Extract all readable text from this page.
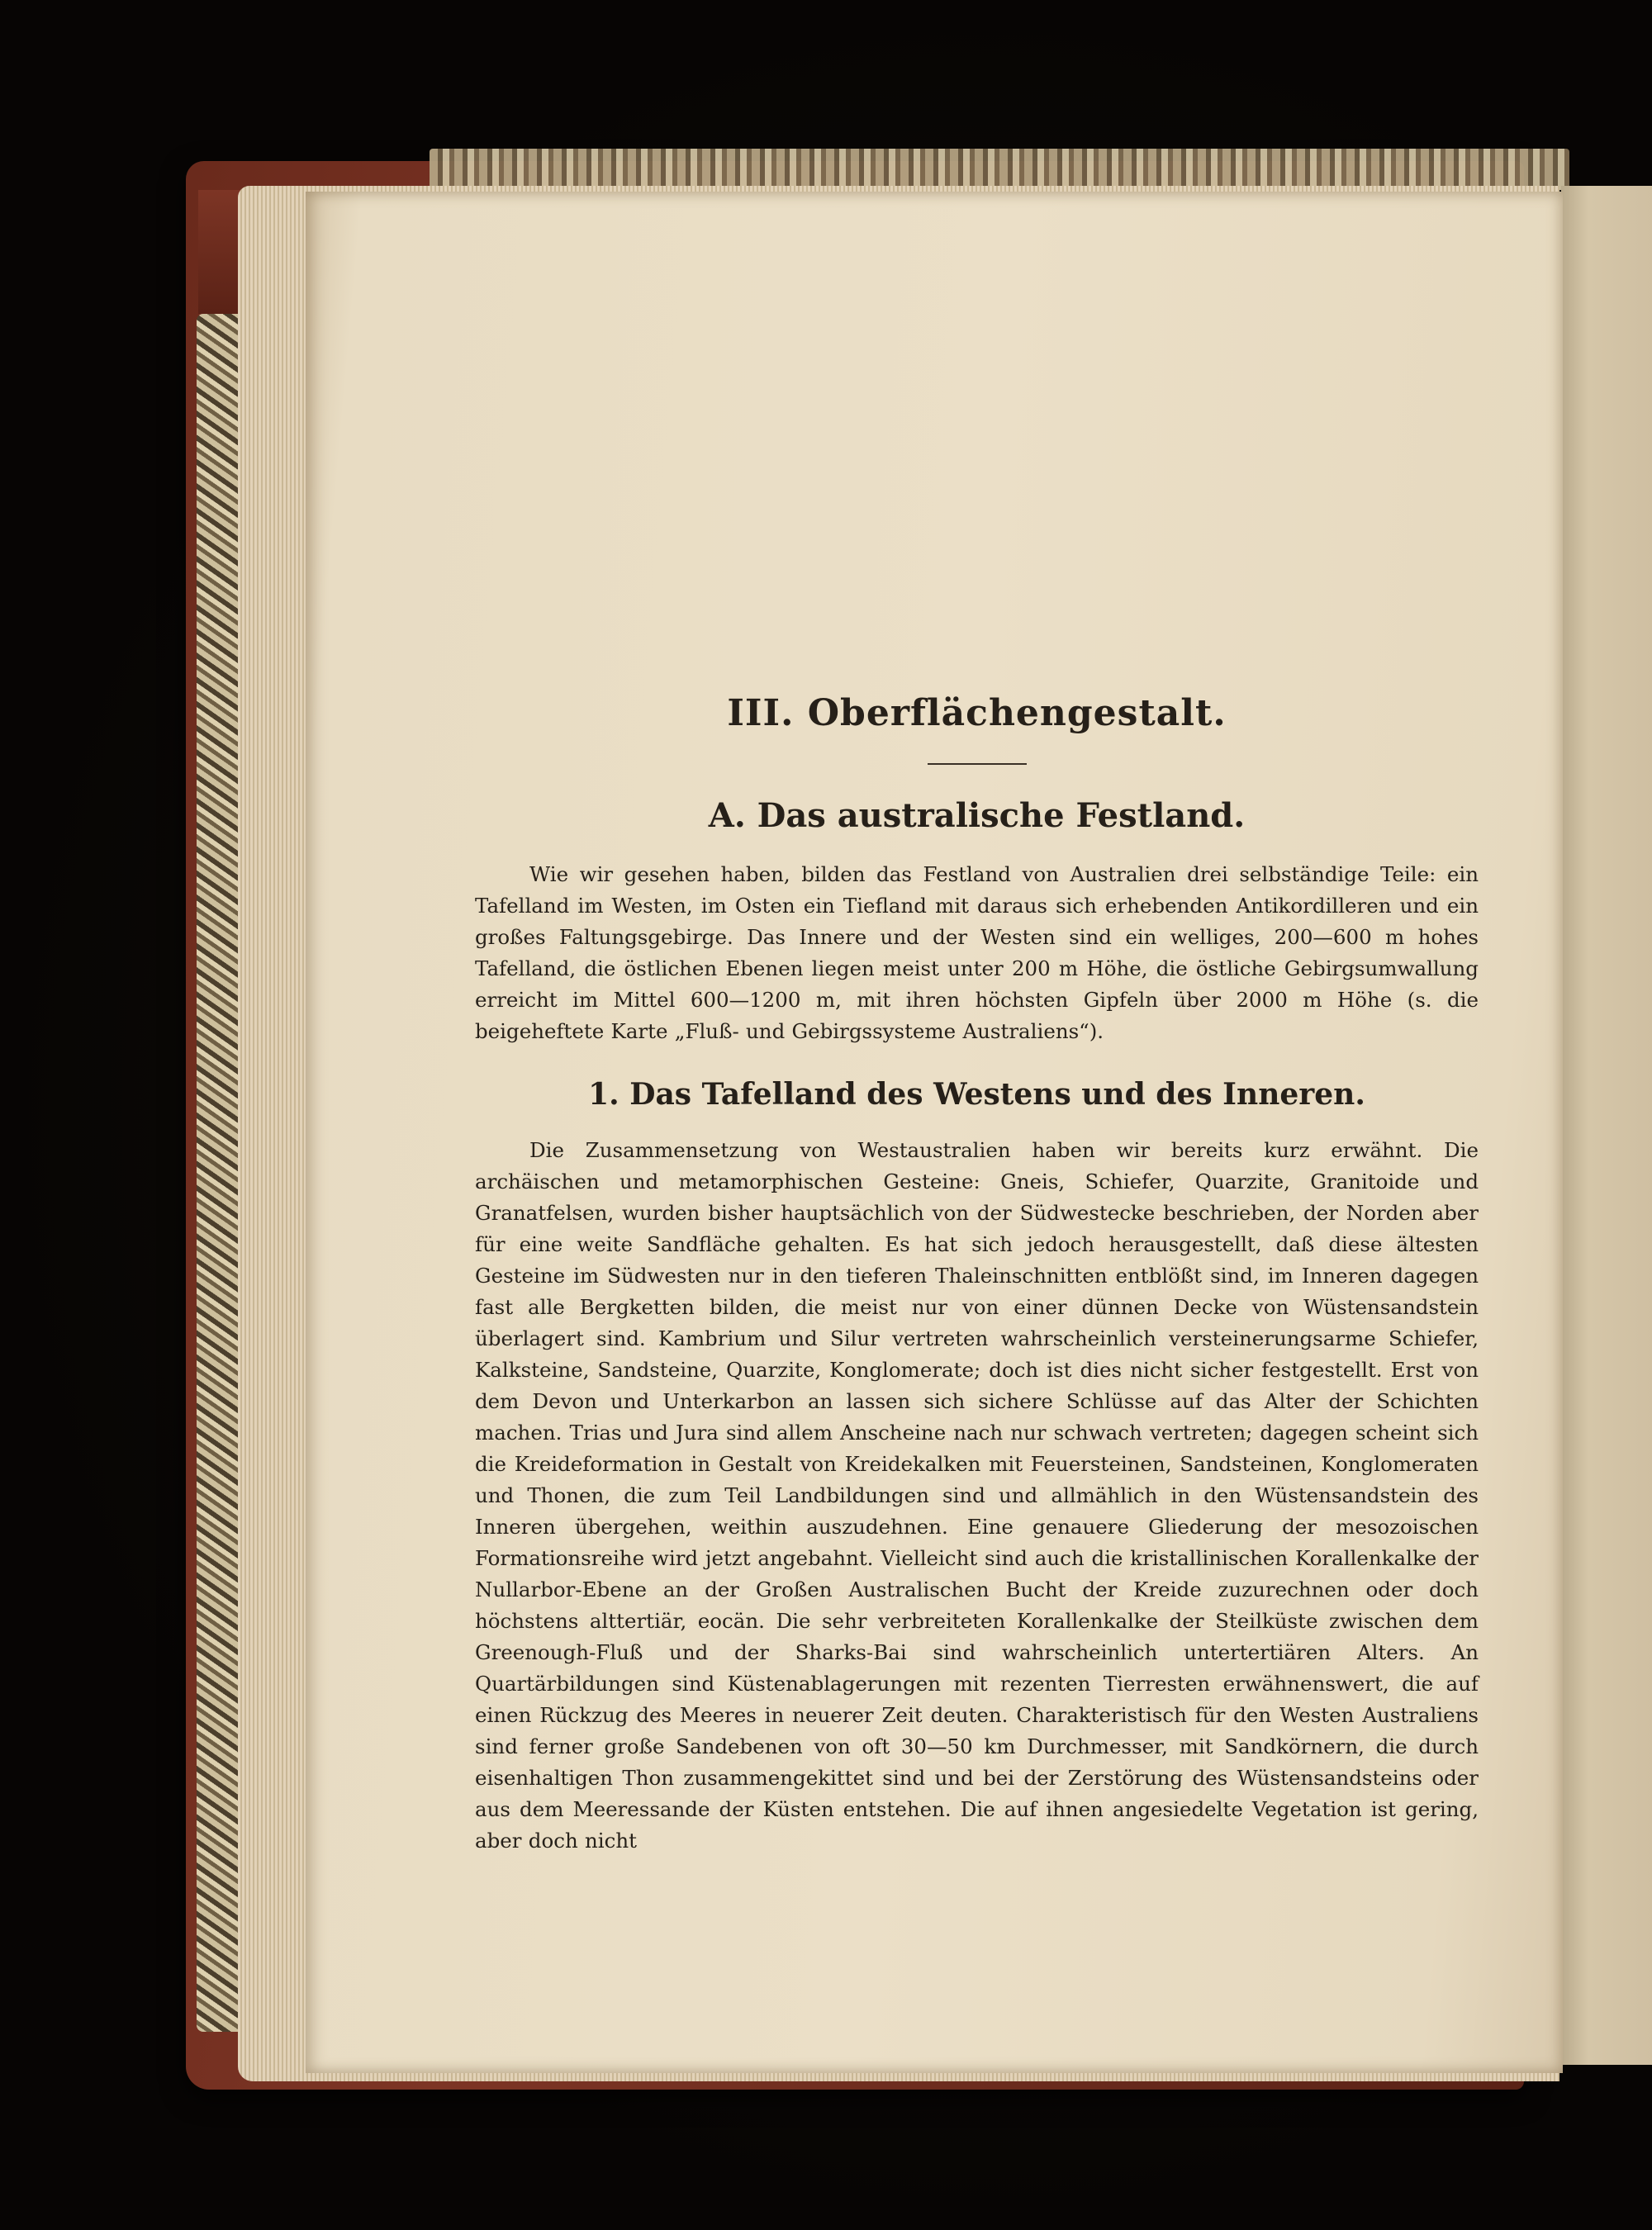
III. Oberflächengestalt.
A. Das australische Festland.

Wie wir gesehen haben, bilden das Festland von Australien drei selbständige Teile: ein Tafelland im Westen, im Osten ein Tiefland mit daraus sich erhebenden Antikordilleren und ein großes Faltungsgebirge. Das Innere und der Westen sind ein welliges, 200—600 m hohes Tafelland, die östlichen Ebenen liegen meist unter 200 m Höhe, die östliche Gebirgsumwallung erreicht im Mittel 600—1200 m, mit ihren höchsten Gipfeln über 2000 m Höhe (s. die beigeheftete Karte „Fluß- und Gebirgssysteme Australiens“).

1. Das Tafelland des Westens und des Inneren.

Die Zusammensetzung von Westaustralien haben wir bereits kurz erwähnt. Die archäischen und metamorphischen Gesteine: Gneis, Schiefer, Quarzite, Granitoide und Granatfelsen, wurden bisher hauptsächlich von der Südwestecke beschrieben, der Norden aber für eine weite Sandfläche gehalten. Es hat sich jedoch herausgestellt, daß diese ältesten Gesteine im Südwesten nur in den tieferen Thaleinschnitten entblößt sind, im Inneren dagegen fast alle Bergketten bilden, die meist nur von einer dünnen Decke von Wüstensandstein überlagert sind. Kambrium und Silur vertreten wahrscheinlich versteinerungsarme Schiefer, Kalksteine, Sandsteine, Quarzite, Konglomerate; doch ist dies nicht sicher festgestellt. Erst von dem Devon und Unterkarbon an lassen sich sichere Schlüsse auf das Alter der Schichten machen. Trias und Jura sind allem Anscheine nach nur schwach vertreten; dagegen scheint sich die Kreideformation in Gestalt von Kreidekalken mit Feuersteinen, Sandsteinen, Konglomeraten und Thonen, die zum Teil Landbildungen sind und allmählich in den Wüstensandstein des Inneren übergehen, weithin auszudehnen. Eine genauere Gliederung der mesozoischen Formationsreihe wird jetzt angebahnt. Vielleicht sind auch die kristallinischen Korallenkalke der Nullarbor-Ebene an der Großen Australischen Bucht der Kreide zuzurechnen oder doch höchstens alttertiär, eocän. Die sehr verbreiteten Korallenkalke der Steilküste zwischen dem Greenough-Fluß und der Sharks-Bai sind wahrscheinlich untertertiären Alters. An Quartärbildungen sind Küstenablagerungen mit rezenten Tierresten erwähnenswert, die auf einen Rückzug des Meeres in neuerer Zeit deuten. Charakteristisch für den Westen Australiens sind ferner große Sandebenen von oft 30—50 km Durchmesser, mit Sandkörnern, die durch eisenhaltigen Thon zusammengekittet sind und bei der Zerstörung des Wüstensandsteins oder aus dem Meeressande der Küsten entstehen. Die auf ihnen angesiedelte Vegetation ist gering, aber doch nicht
